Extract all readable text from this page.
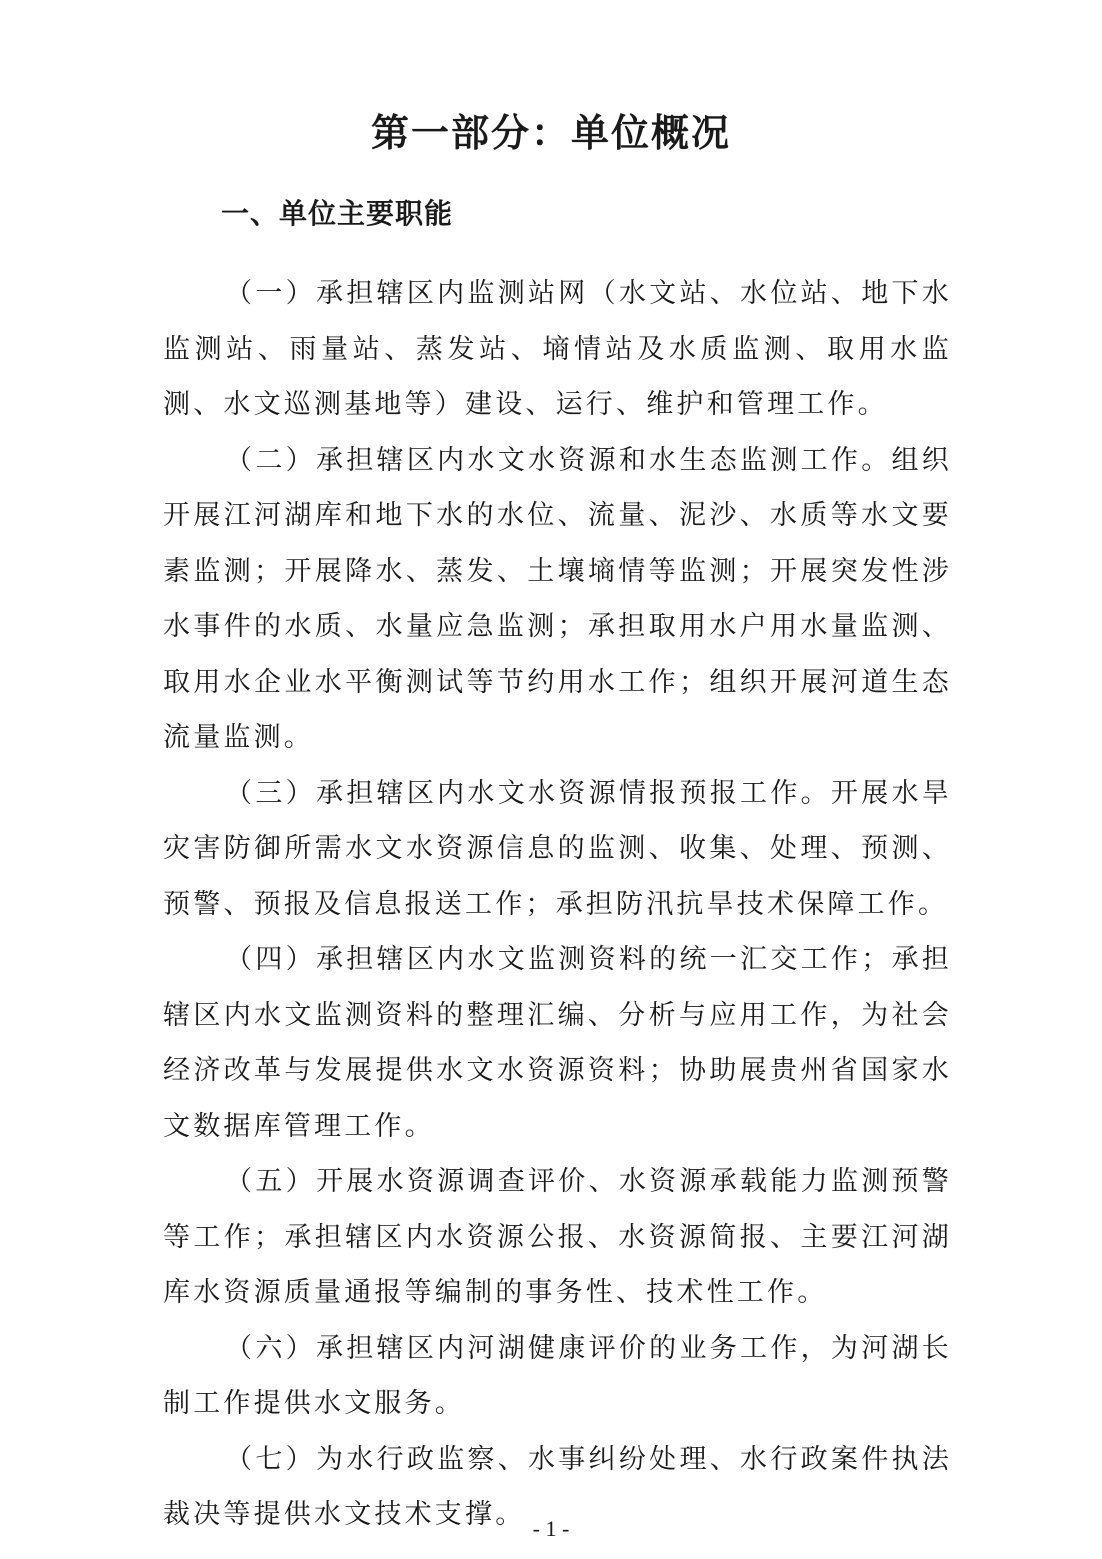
第一部分：单位概况
一、单位主要职能

（一）承担辖区内监测站网（水文站、水位站、地下水监测站、雨量站、蒸发站、墒情站及水质监测、取用水监测、水文巡测基地等）建设、运行、维护和管理工作。

（二）承担辖区内水文水资源和水生态监测工作。组织开展江河湖库和地下水的水位、流量、泥沙、水质等水文要素监测；开展降水、蒸发、土壤墒情等监测；开展突发性涉水事件的水质、水量应急监测；承担取用水户用水量监测、取用水企业水平衡测试等节约用水工作；组织开展河道生态流量监测。

（三）承担辖区内水文水资源情报预报工作。开展水旱灾害防御所需水文水资源信息的监测、收集、处理、预测、预警、预报及信息报送工作；承担防汛抗旱技术保障工作。

（四）承担辖区内水文监测资料的统一汇交工作；承担辖区内水文监测资料的整理汇编、分析与应用工作，为社会经济改革与发展提供水文水资源资料；协助展贵州省国家水文数据库管理工作。

（五）开展水资源调查评价、水资源承载能力监测预警等工作；承担辖区内水资源公报、水资源简报、主要江河湖库水资源质量通报等编制的事务性、技术性工作。

（六）承担辖区内河湖健康评价的业务工作，为河湖长制工作提供水文服务。

（七）为水行政监察、水事纠纷处理、水行政案件执法裁决等提供水文技术支撑。 - 1 -
